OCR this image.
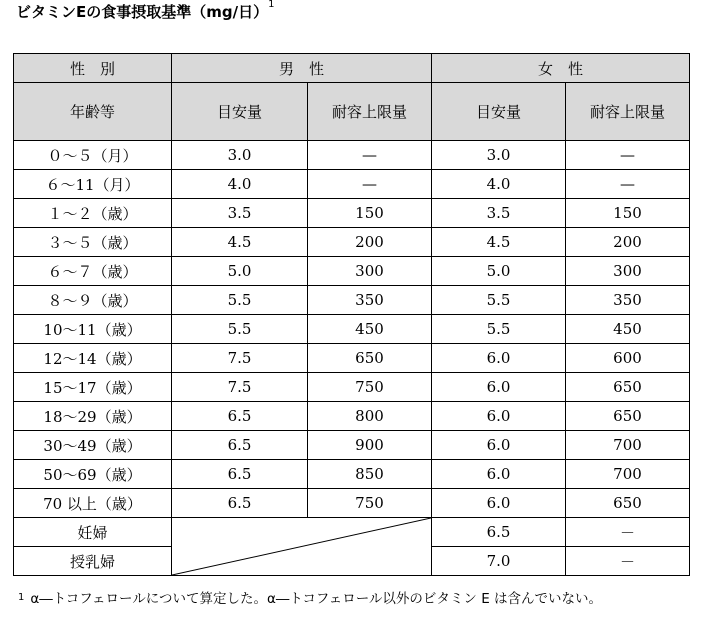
ビタミンEの食事摂取基準（mg/日）$^1$
性　別	男　性		女　性	
年齢等	目安量	耐容上限量	目安量	耐容上限量
０～５（月）	3.0	—	3.0	—
６～11（月）	4.0	—	4.0	—
１～２（歳）	3.5	150	3.5	150
３～５（歳）	4.5	200	4.5	200
６～７（歳）	5.0	300	5.0	300
８～９（歳）	5.5	350	5.5	350
10～11（歳）	5.5	450	5.5	450
12～14（歳）	7.5	650	6.0	600
15～17（歳）	7.5	750	6.0	650
18～29（歳）	6.5	800	6.0	650
30～49（歳）	6.5	900	6.0	700
50～69（歳）	6.5	850	6.0	700
70 以上（歳）	6.5	750	6.0	650
妊婦			6.5	－
授乳婦			7.0	－
$^1$ α―トコフェロールについて算定した。α―トコフェロール以外のビタミン E は含んでいない。
